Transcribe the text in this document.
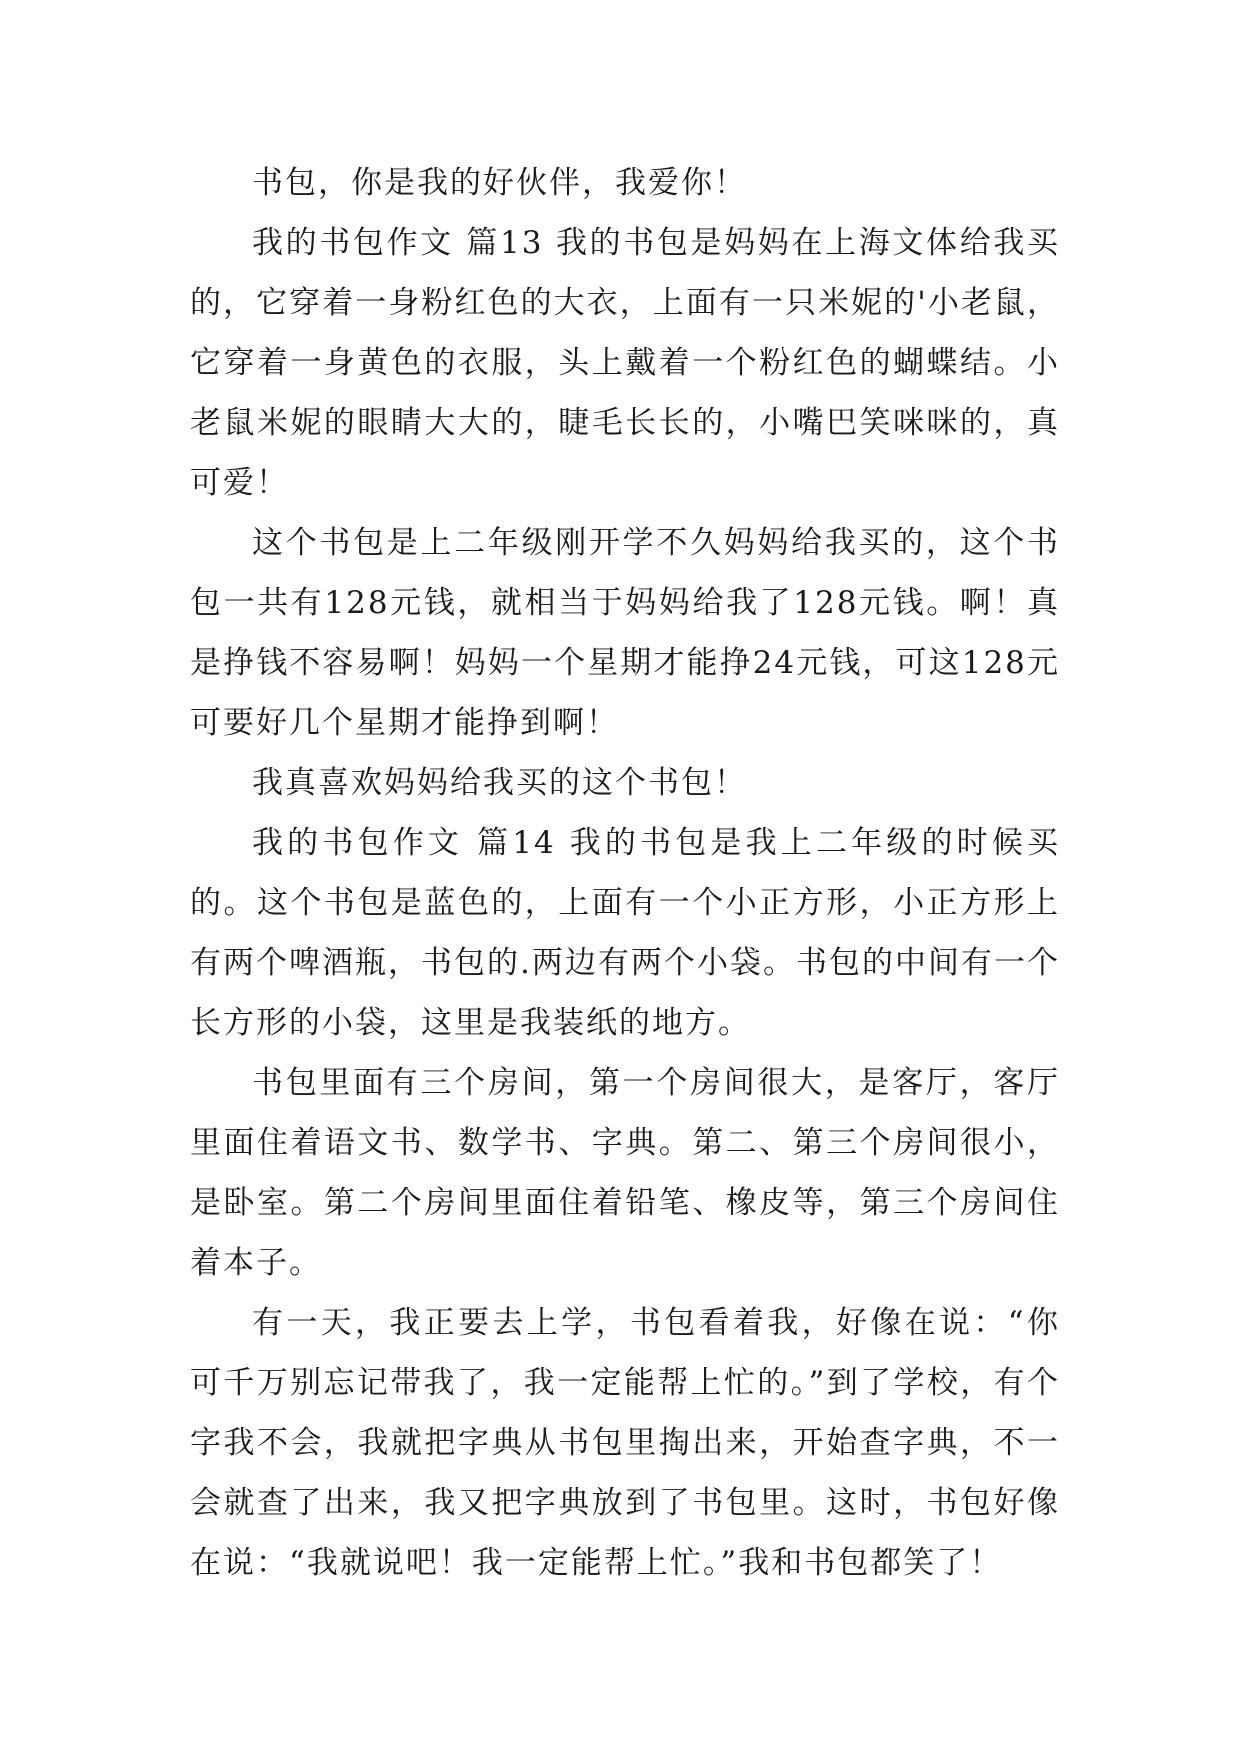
书包，你是我的好伙伴，我爱你！

我的书包作文 篇13 我的书包是妈妈在上海文体给我买的，它穿着一身粉红色的大衣，上面有一只米妮的'小老鼠，它穿着一身黄色的衣服，头上戴着一个粉红色的蝴蝶结。小老鼠米妮的眼睛大大的，睫毛长长的，小嘴巴笑咪咪的，真可爱！

这个书包是上二年级刚开学不久妈妈给我买的，这个书包一共有128元钱，就相当于妈妈给我了128元钱。啊！真是挣钱不容易啊！妈妈一个星期才能挣24元钱，可这128元可要好几个星期才能挣到啊！

我真喜欢妈妈给我买的这个书包！

我的书包作文 篇14 我的书包是我上二年级的时候买的。这个书包是蓝色的，上面有一个小正方形，小正方形上有两个啤酒瓶，书包的.两边有两个小袋。书包的中间有一个长方形的小袋，这里是我装纸的地方。

书包里面有三个房间，第一个房间很大，是客厅，客厅里面住着语文书、数学书、字典。第二、第三个房间很小，是卧室。第二个房间里面住着铅笔、橡皮等，第三个房间住着本子。

有一天，我正要去上学，书包看着我，好像在说：“你可千万别忘记带我了，我一定能帮上忙的。”到了学校，有个字我不会，我就把字典从书包里掏出来，开始查字典，不一会就查了出来，我又把字典放到了书包里。这时，书包好像在说：“我就说吧！我一定能帮上忙。”我和书包都笑了！
